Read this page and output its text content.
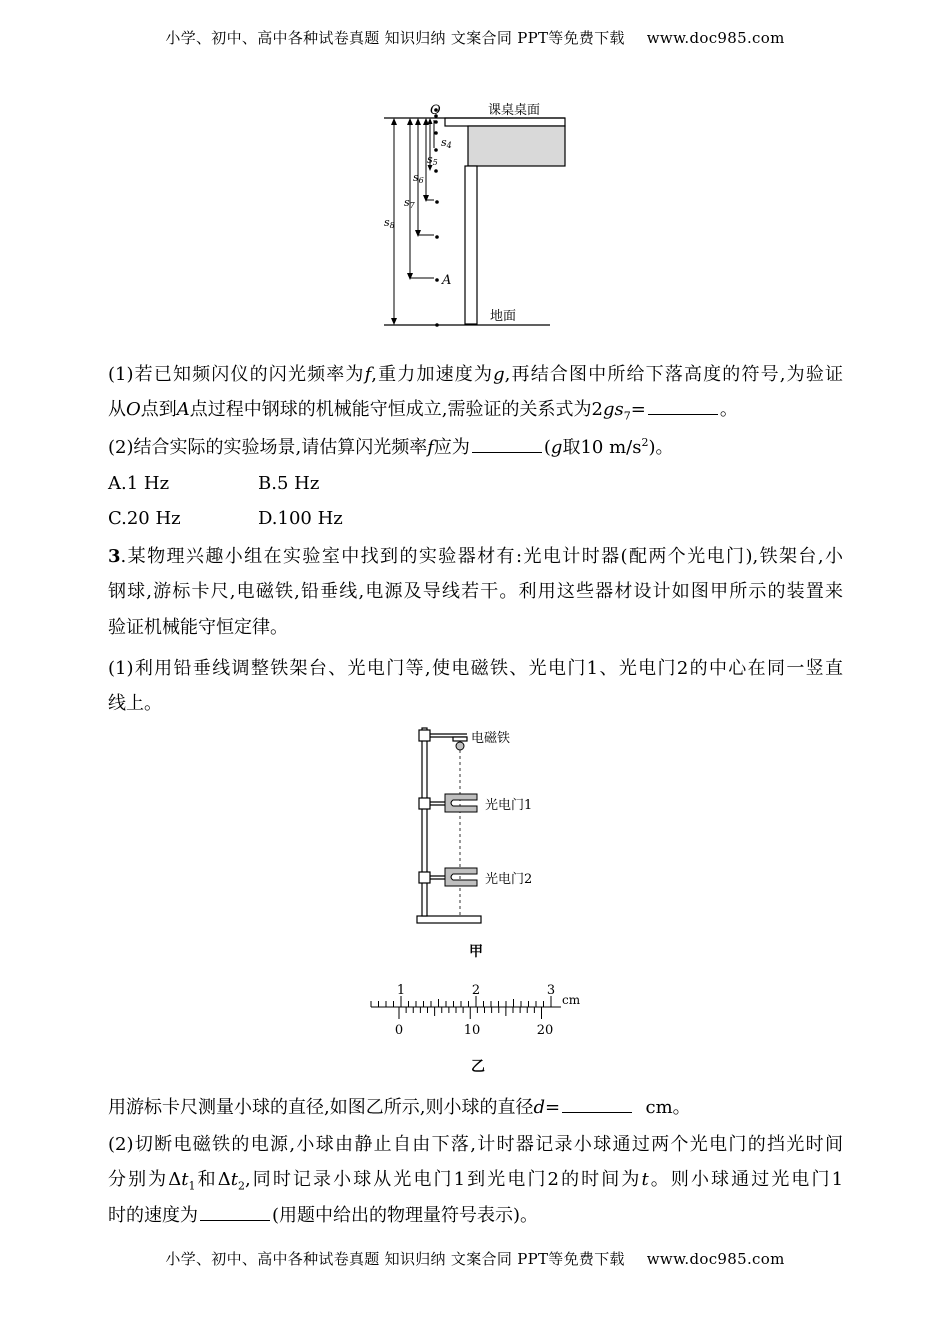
小学、初中、高中各种试卷真题 知识归纳 文案合同 PPT等免费下载 www.doc985.com
O	课桌桌面
A
地面
s4
s5
s6
s7
s8
(1)若已知频闪仪的闪光频率为f,重力加速度为g,再结合图中所给下落高度的符号,为验证
从O点到A点过程中钢球的机械能守恒成立,需验证的关系式为$2gs_7=$	。
(2)结合实际的实验场景,请估算闪光频率f应为	(g取10 $m/s^2$)。
A.1 Hz	B.5 Hz
C.20 Hz	D.100 Hz
3.某物理兴趣小组在实验室中找到的实验器材有:光电计时器(配两个光电门),铁架台,小
钢球,游标卡尺,电磁铁,铅垂线,电源及导线若干。利用这些器材设计如图甲所示的装置来
验证机械能守恒定律。
(1)利用铅垂线调整铁架台、光电门等,使电磁铁、光电门1、光电门2的中心在同一竖直
线上。
电磁铁
光电门1
光电门2
甲
1	2	3
cm
0	10	20
乙
用游标卡尺测量小球的直径,如图乙所示,则小球的直径d=	cm。
(2)切断电磁铁的电源,小球由静止自由下落,计时器记录小球通过两个光电门的挡光时间
分别为$\Delta t_1$和$\Delta t_2$,同时记录小球从光电门1到光电门2的时间为t。则小球通过光电门1
时的速度为	(用题中给出的物理量符号表示)。
小学、初中、高中各种试卷真题 知识归纳 文案合同 PPT等免费下载 www.doc985.com
